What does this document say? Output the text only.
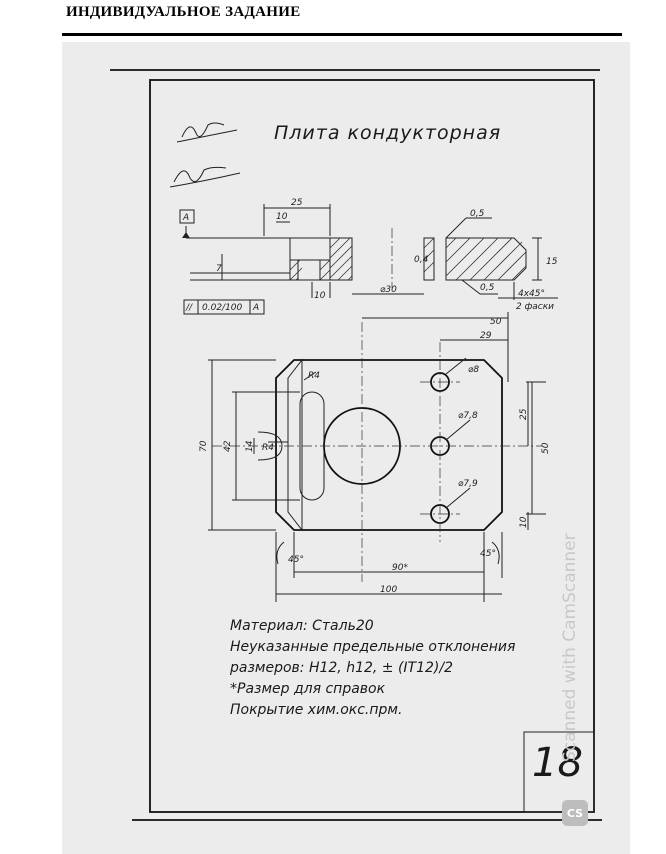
ИНДИВИДУАЛЬНОЕ ЗАДАНИЕ
25
10
7
10
⌀30
0,4
0,5
0,5
15
4x45°
2 фаски
A
// 0.02/100 A
50
29
R4
70 42 14 R4
⌀8
⌀7,8	25
50
⌀7,9
10
45°
45°
90*
100
Плита кондукторная
Материал: Сталь20
Неуказанные предельные отклонения
размеров: Н12, h12, ± (IT12)/2
*Размер для справок
Покрытие хим.окс.прм.
18
Scanned with CamScanner
CS
